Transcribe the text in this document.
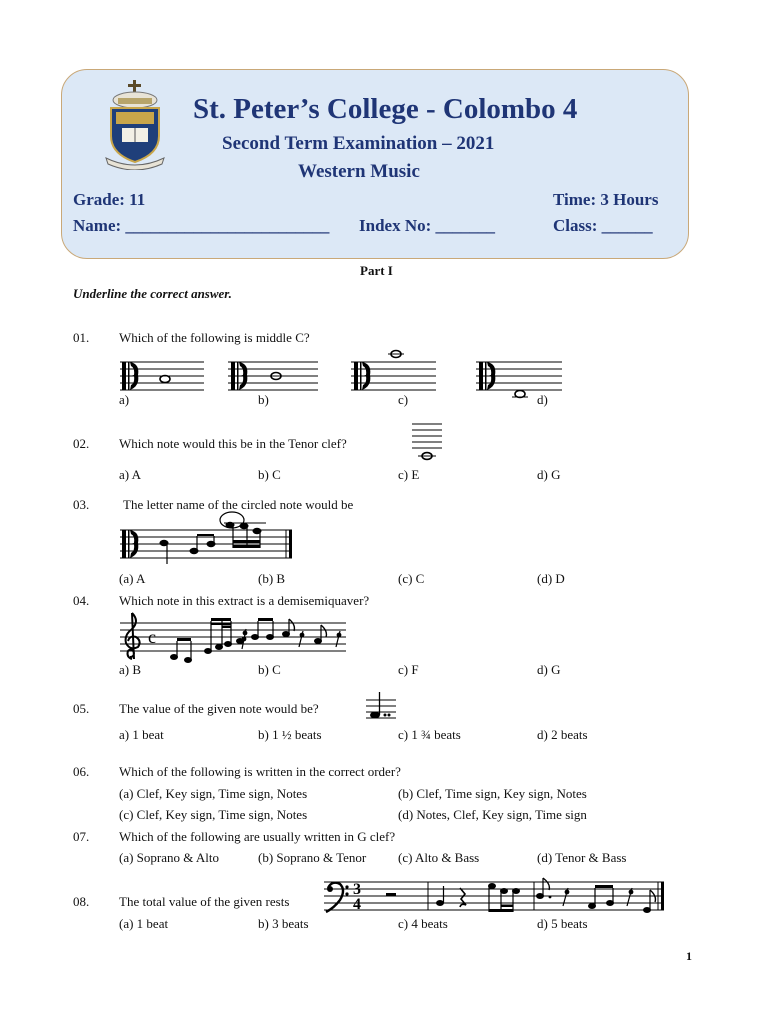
St. Peter’s College - Colombo 4
Second Term Examination – 2021
Western Music
Grade: 11	Time: 3 Hours
Name: ________________________ Index No: _______	Class: ______
Part I
Underline the correct answer.
01. Which of the following is middle C?
a)	b)	c)	d)
02. Which note would this be in the Tenor clef?
a) A	b) C	c) E	d) G
03.	The letter name of the circled note would be
(a) A	(b) B	(c) C	(d) D
04. Which note in this extract is a demisemiquaver?
c
a) B	b) C	c) F	d) G
05. The value of the given note would be?
a) 1 beat	b) 1 ½ beats	c) 1 ¾ beats	d) 2 beats
06. Which of the following is written in the correct order?
(a) Clef, Key sign, Time sign, Notes	(b) Clef, Time sign, Key sign, Notes
(c) Clef, Key sign, Time sign, Notes	(d) Notes, Clef, Key sign, Time sign
07. Which of the following are usually written in G clef?
(a) Soprano & Alto	(b) Soprano & Tenor (c) Alto & Bass	(d) Tenor & Bass
08. The total value of the given rests
3
4
(a) 1 beat	b) 3 beats	c) 4 beats	d) 5 beats
1
